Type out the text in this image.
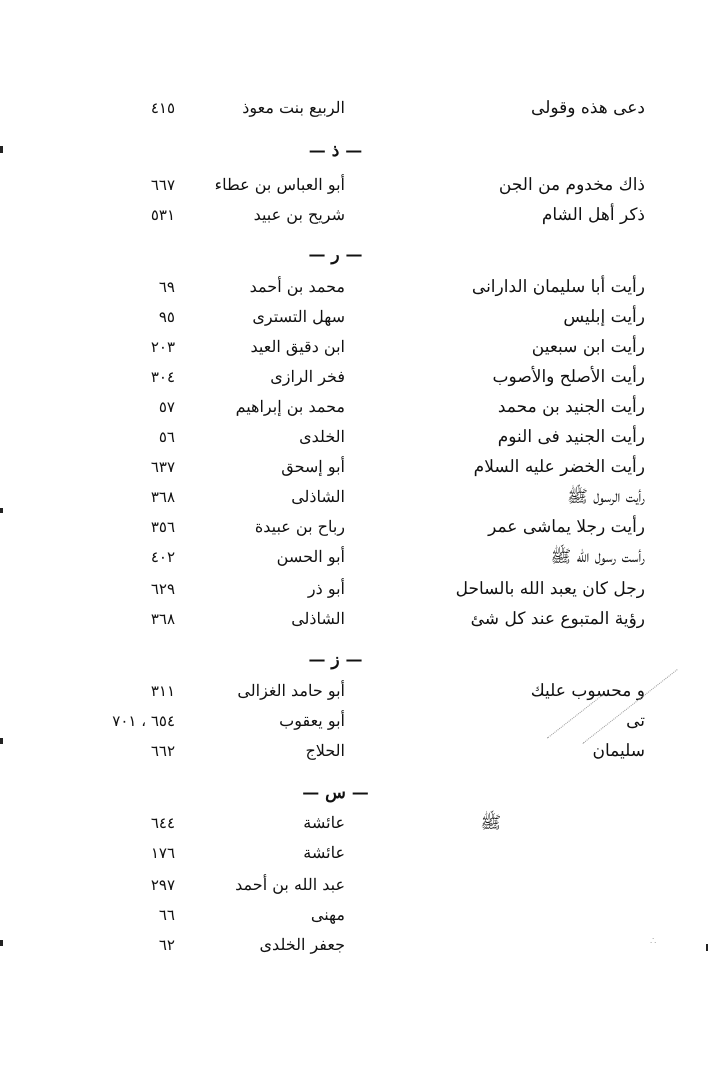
دعى هذه وقولى
الربيع بنت معوذ
٤١٥
— ذ —
ذاك مخدوم من الجن
أبو العباس بن عطاء
٦٦٧
ذكر أهل الشام
شريح بن عبيد
٥٣١
— ر —
رأيت أبا سليمان الدارانى
محمد بن أحمد
٦٩
رأيت إبليس
سهل التسترى
٩٥
رأيت ابن سبعين
ابن دقيق العيد
٢٠٣
رأيت الأصلح والأصوب
فخر الرازى
٣٠٤
رأيت الجنيد بن محمد
محمد بن إبراهيم
٥٧
رأيت الجنيد فى النوم
الخلدى
٥٦
رأيت الخضر عليه السلام
أبو إسحق
٦٣٧
رأيت الرسول ﷺ
الشاذلى
٣٦٨
رأيت رجلا يماشى عمر
رباح بن عبيدة
٣٥٦
رأست رسول الله ﷺ
أبو الحسن
٤٠٢
رجل كان يعبد الله بالساحل
أبو ذر
٦٢٩
رؤية المتبوع عند كل شئ
الشاذلى
٣٦٨
— ز —
و محسوب عليك
أبو حامد الغزالى
٣١١
تى
أبو يعقوب
٦٥٤ ، ٧٠١
سليمان
الحلاج
٦٦٢
— س —
ﷺ
عائشة
٦٤٤
عائشة
١٧٦
عبد الله بن أحمد
٢٩٧
مهنى
٦٦
جعفر الخلدى
٦٢	∴
